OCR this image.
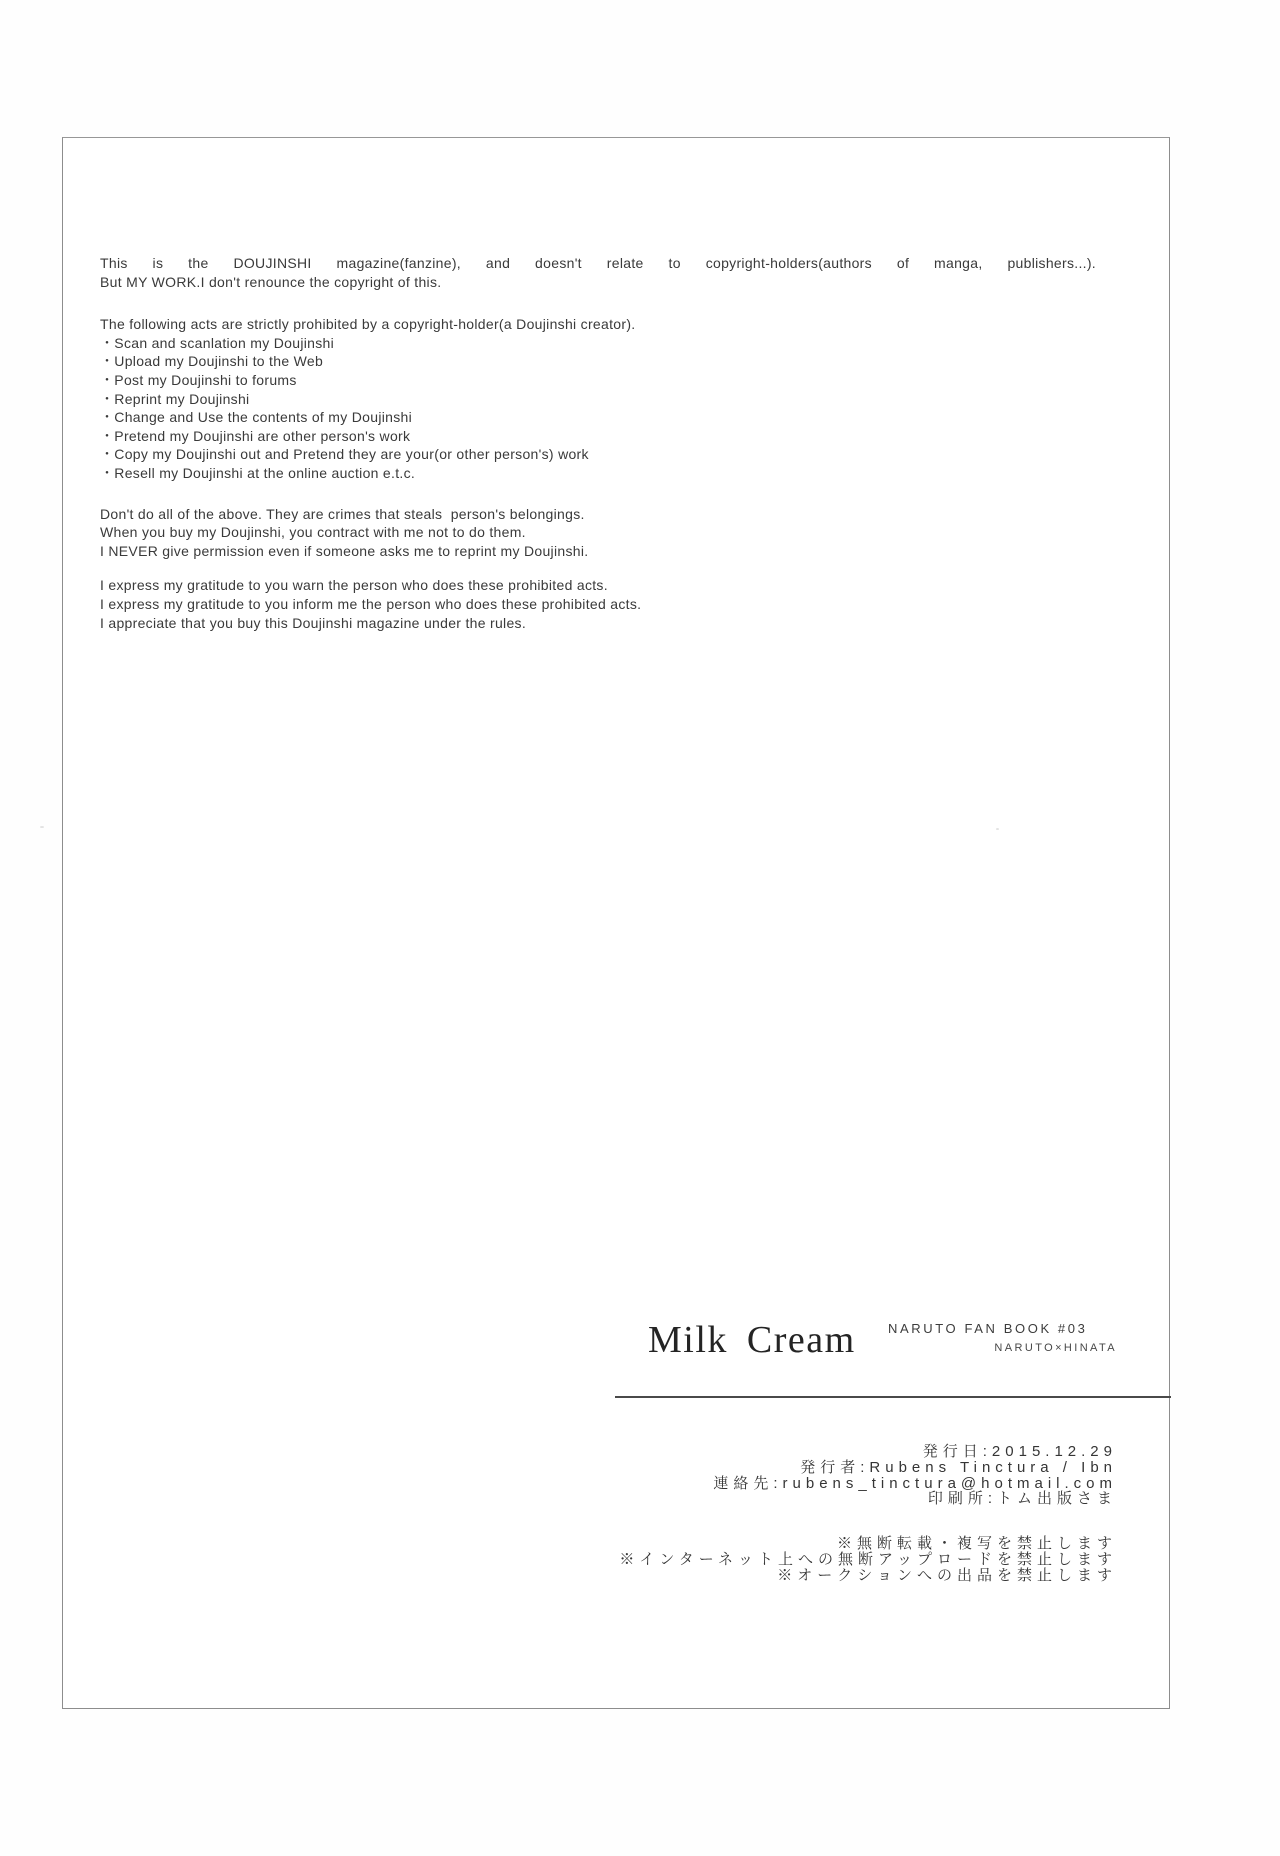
This is the DOUJINSHI magazine(fanzine), and doesn't relate to copyright-holders(authors of manga, publishers...).
But MY WORK.I don't renounce the copyright of this.

The following acts are strictly prohibited by a copyright-holder(a Doujinshi creator).
・Scan and scanlation my Doujinshi
・Upload my Doujinshi to the Web
・Post my Doujinshi to forums
・Reprint my Doujinshi
・Change and Use the contents of my Doujinshi
・Pretend my Doujinshi are other person's work
・Copy my Doujinshi out and Pretend they are your(or other person's) work
・Resell my Doujinshi at the online auction e.t.c.

Don't do all of the above. They are crimes that steals  person's belongings.
When you buy my Doujinshi, you contract with me not to do them.
I NEVER give permission even if someone asks me to reprint my Doujinshi.

I express my gratitude to you warn the person who does these prohibited acts.
I express my gratitude to you inform me the person who does these prohibited acts.
I appreciate that you buy this Doujinshi magazine under the rules.

Milk Cream NARUTO FAN BOOK #03
NARUTO×HINATA
発行日:2015.12.29
発行者:Rubens Tinctura / Ibn
連絡先:rubens_tinctura@hotmail.com
印刷所:トム出版さま
※無断転載・複写を禁止します
※インターネット上への無断アップロードを禁止します
※オークションへの出品を禁止します
